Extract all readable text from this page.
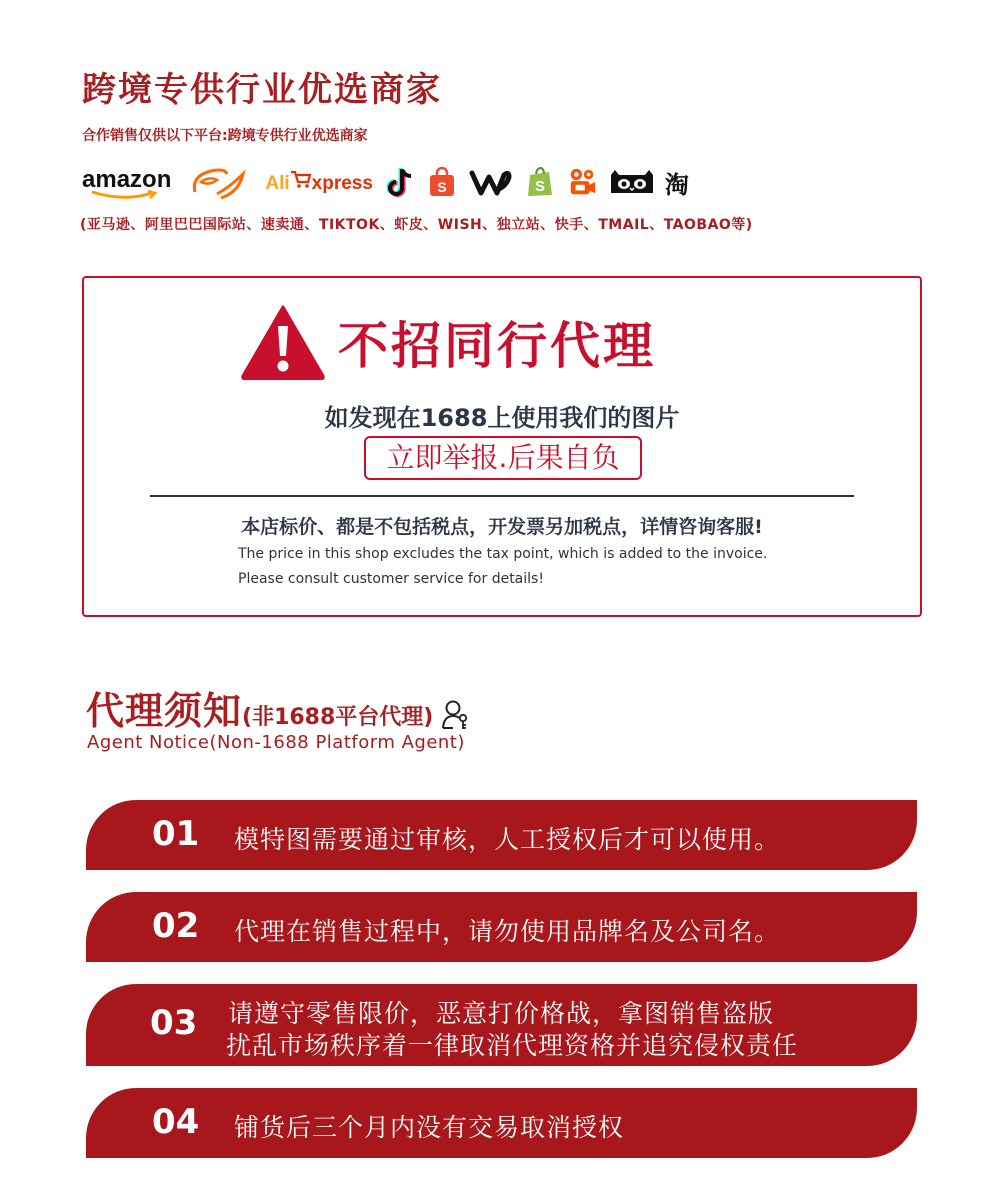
跨境专供行业优选商家
合作销售仅供以下平台:跨境专供行业优选商家
amazon	Ali xpress	S	S	淘
(亚马逊、阿里巴巴国际站、速卖通、TIKTOK、虾皮、WISH、独立站、快手、TMAIL、TAOBAO等)
不招同行代理
如发现在1688上使用我们的图片
立即举报.后果自负
本店标价、都是不包括税点，开发票另加税点，详情咨询客服!
The price in this shop excludes the tax point, which is added to the invoice.
Please consult customer service for details!
代理须知 (非1688平台代理)
Agent Notice(Non-1688 Platform Agent)
01 模特图需要通过审核，人工授权后才可以使用。
02 代理在销售过程中，请勿使用品牌名及公司名。
03 请遵守零售限价，恶意打价格战，拿图销售盗版
扰乱市场秩序着一律取消代理资格并追究侵权责任
04 铺货后三个月内没有交易取消授权
